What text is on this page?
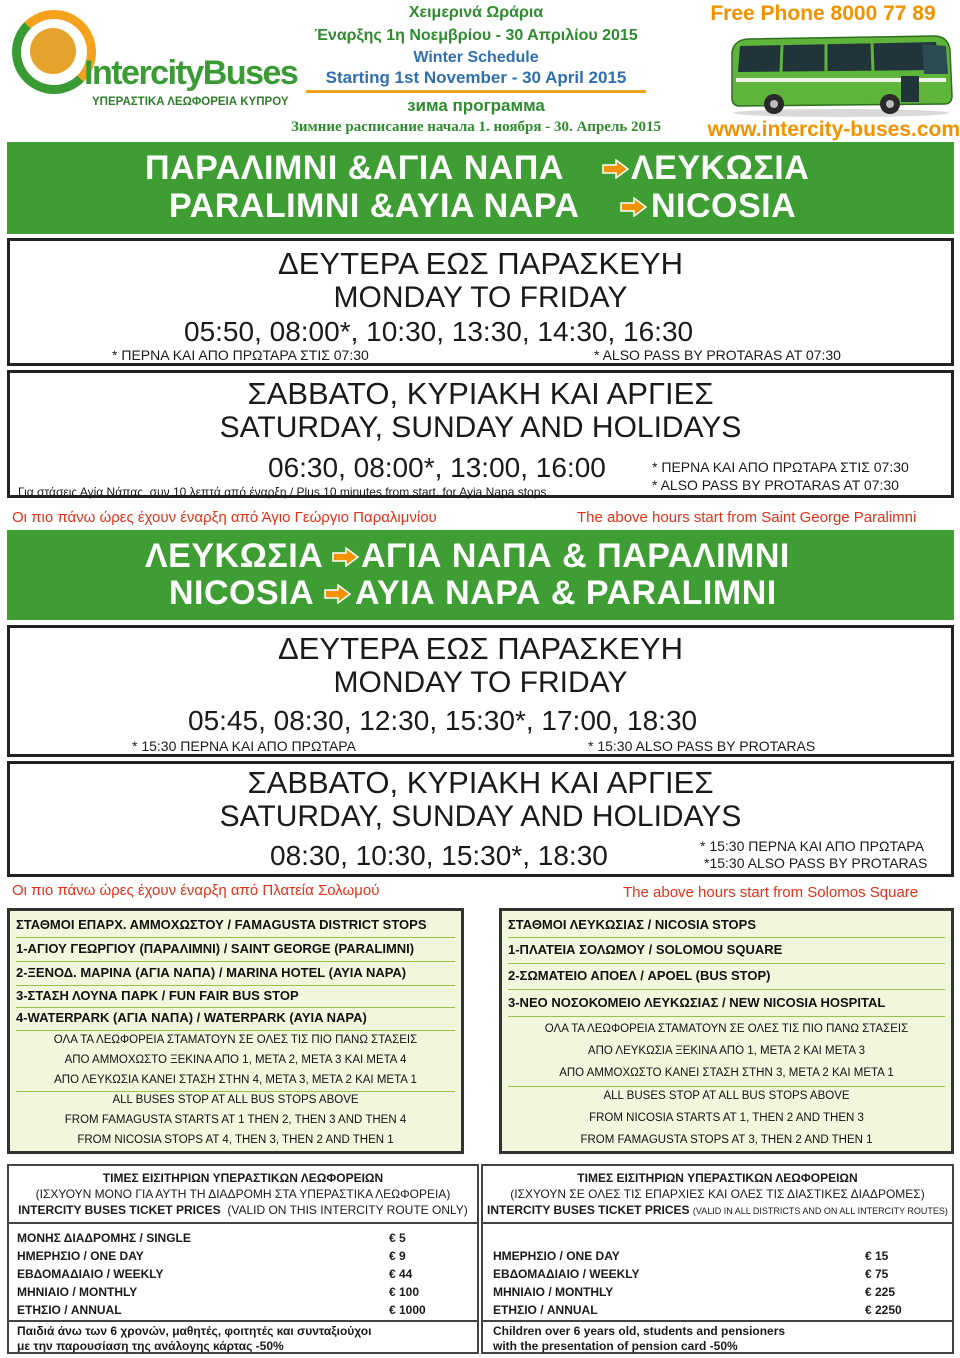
IntercityBuses
ΥΠΕΡΑΣΤΙΚΑ ΛΕΩΦΟΡΕΙΑ ΚΥΠΡΟΥ
Χειμερινά Ωράρια
Έναρξης 1η Νοεμβρίου - 30 Απριλίου 2015
Winter Schedule
Starting 1st November - 30 April 2015
зима программа
Зимние расписание начала 1. ноября - 30. Апрель 2015
Free Phone 8000 77 89
www.intercity-buses.com
ΠΑΡΑΛΙΜΝΙ &ΑΓΙΑ ΝΑΠΑ ΛΕΥΚΩΣΙΑ
PARALIMNI &AYIA NAPA NICOSIA
ΔΕΥΤΕΡΑ ΕΩΣ ΠΑΡΑΣΚΕΥΗ
MONDAY TO FRIDAY
05:50, 08:00*, 10:30, 13:30, 14:30, 16:30
* ΠΕΡΝΑ ΚΑΙ ΑΠΟ ΠΡΩΤΑΡΑ ΣΤΙΣ 07:30	* ALSO PASS BY PROTARAS AT 07:30
ΣΑΒΒΑΤΟ, ΚΥΡΙΑΚΗ ΚΑΙ ΑΡΓΙΕΣ
SATURDAY, SUNDAY AND HOLIDAYS
06:30, 08:00*, 13:00, 16:00	* ΠΕΡΝΑ ΚΑΙ ΑΠΟ ΠΡΩΤΑΡΑ ΣΤΙΣ 07:30
* ALSO PASS BY PROTARAS AT 07:30
Για στάσεις Αγία Νάπας, συν 10 λεπτά από έναρξη / Plus 10 minutes from start, for Ayia Napa stops
Οι πιο πάνω ώρες έχουν έναρξη από Άγιο Γεώργιο Παραλιμνίου	The above hours start from Saint George Paralimni
ΛΕΥΚΩΣΙΑ ΑΓΙΑ ΝΑΠΑ & ΠΑΡΑΛΙΜΝΙ
NICOSIA ΑΥΙΑ ΝΑΡΑ & PARALIMNI
ΔΕΥΤΕΡΑ ΕΩΣ ΠΑΡΑΣΚΕΥΗ
MONDAY TO FRIDAY
05:45, 08:30, 12:30, 15:30*, 17:00, 18:30
* 15:30 ΠΕΡΝΑ ΚΑΙ ΑΠΟ ΠΡΩΤΑΡΑ	* 15:30 ALSO PASS BY PROTARAS
ΣΑΒΒΑΤΟ, ΚΥΡΙΑΚΗ ΚΑΙ ΑΡΓΙΕΣ
SATURDAY, SUNDAY AND HOLIDAYS
08:30, 10:30, 15:30*, 18:30	* 15:30 ΠΕΡΝΑ ΚΑΙ ΑΠΟ ΠΡΩΤΑΡΑ
*15:30 ALSO PASS BY PROTARAS
Οι πιο πάνω ώρες έχουν έναρξη από Πλατεία Σολωμού	The above hours start from Solomos Square
ΣΤΑΘΜΟΙ ΕΠΑΡΧ. ΑΜΜΟΧΩΣΤΟΥ / FAMAGUSTA DISTRICT STOPS
1-ΑΓΙΟΥ ΓΕΩΡΓΙΟΥ (ΠΑΡΑΛΙΜΝΙ) / SAINT GEORGE (PARALIMNI)
2-ΞΕΝΟΔ. ΜΑΡΙΝΑ (ΑΓΙΑ ΝΑΠΑ) / MARINA HOTEL (AYIA NAPA)
3-ΣΤΑΣΗ ΛΟΥΝΑ ΠΑΡΚ / FUN FAIR BUS STOP
4-WATERPARK (ΑΓΙΑ ΝΑΠΑ) / WATERPARK (AYIA NAPA)
ΟΛΑ ΤΑ ΛΕΩΦΟΡΕΙΑ ΣΤΑΜΑΤΟΥΝ ΣΕ ΟΛΕΣ ΤΙΣ ΠΙΟ ΠΑΝΩ ΣΤΑΣΕΙΣ
ΑΠΟ ΑΜΜΟΧΩΣΤΟ ΞΕΚΙΝΑ ΑΠΟ 1, ΜΕΤΑ 2, ΜΕΤΑ 3 ΚΑΙ ΜΕΤΑ 4
ΑΠΟ ΛΕΥΚΩΣΙΑ ΚΑΝΕΙ ΣΤΑΣΗ ΣΤΗΝ 4, ΜΕΤΑ 3, ΜΕΤΑ 2 ΚΑΙ ΜΕΤΑ 1
ALL BUSES STOP AT ALL BUS STOPS ABOVE
FROM FAMAGUSTA STARTS AT 1 THEN 2, THEN 3 AND THEN 4
FROM NICOSIA STOPS AT 4, THEN 3, THEN 2 AND THEN 1
ΣΤΑΘΜΟΙ ΛΕΥΚΩΣΙΑΣ / NICOSIA STOPS
1-ΠΛΑΤΕΙΑ ΣΟΛΩΜΟΥ / SOLOMOU SQUARE
2-ΣΩΜΑΤΕΙΟ ΑΠΟΕΛ / APOEL (BUS STOP)
3-ΝΕΟ ΝΟΣΟΚΟΜΕΙΟ ΛΕΥΚΩΣΙΑΣ / NEW NICOSIA HOSPITAL
ΟΛΑ ΤΑ ΛΕΩΦΟΡΕΙΑ ΣΤΑΜΑΤΟΥΝ ΣΕ ΟΛΕΣ ΤΙΣ ΠΙΟ ΠΑΝΩ ΣΤΑΣΕΙΣ
ΑΠΟ ΛΕΥΚΩΣΙΑ ΞΕΚΙΝΑ ΑΠΟ 1, ΜΕΤΑ 2 ΚΑΙ ΜΕΤΑ 3
ΑΠΟ ΑΜΜΟΧΩΣΤΟ ΚΑΝΕΙ ΣΤΑΣΗ ΣΤΗΝ 3, ΜΕΤΑ 2 ΚΑΙ ΜΕΤΑ 1
ALL BUSES STOP AT ALL BUS STOPS ABOVE
FROM NICOSIA STARTS AT 1, THEN 2 AND THEN 3
FROM FAMAGUSTA STOPS AT 3, THEN 2 AND THEN 1
ΤΙΜΕΣ ΕΙΣΙΤΗΡΙΩΝ ΥΠΕΡΑΣΤΙΚΩΝ ΛΕΩΦΟΡΕΙΩΝ
(ΙΣΧΥΟΥΝ ΜΟΝΟ ΓΙΑ ΑΥΤΗ ΤΗ ΔΙΑΔΡΟΜΗ ΣΤΑ ΥΠΕΡΑΣΤΙΚΑ ΛΕΩΦΟΡΕΙΑ)
INTERCITY BUSES TICKET PRICES (VALID ON THIS INTERCITY ROUTE ONLY)
ΜΟΝΗΣ ΔΙΑΔΡΟΜΗΣ / SINGLE	€ 5
ΗΜΕΡΗΣΙΟ / ONE DAY	€ 9
ΕΒΔΟΜΑΔΙΑΙΟ / WEEKLY	€ 44
ΜΗΝΙΑΙΟ / MONTHLY	€ 100
ΕΤΗΣΙΟ / ANNUAL	€ 1000
Παιδιά άνω των 6 χρονών, μαθητές, φοιτητές και συνταξιούχοι
με την παρουσίαση της ανάλογης κάρτας -50%
ΤΙΜΕΣ ΕΙΣΙΤΗΡΙΩΝ ΥΠΕΡΑΣΤΙΚΩΝ ΛΕΩΦΟΡΕΙΩΝ
(ΙΣΧΥΟΥΝ ΣΕ ΟΛΕΣ ΤΙΣ ΕΠΑΡΧΙΕΣ ΚΑΙ ΟΛΕΣ ΤΙΣ ΔΙΑΣΤΙΚΕΣ ΔΙΑΔΡΟΜΕΣ)
INTERCITY BUSES TICKET PRICES (VALID IN ALL DISTRICTS AND ON ALL INTERCITY ROUTES)
ΗΜΕΡΗΣΙΟ / ONE DAY	€ 15
ΕΒΔΟΜΑΔΙΑΙΟ / WEEKLY	€ 75
ΜΗΝΙΑΙΟ / MONTHLY	€ 225
ΕΤΗΣΙΟ / ANNUAL	€ 2250
Children over 6 years old, students and pensioners
with the presentation of pension card -50%
